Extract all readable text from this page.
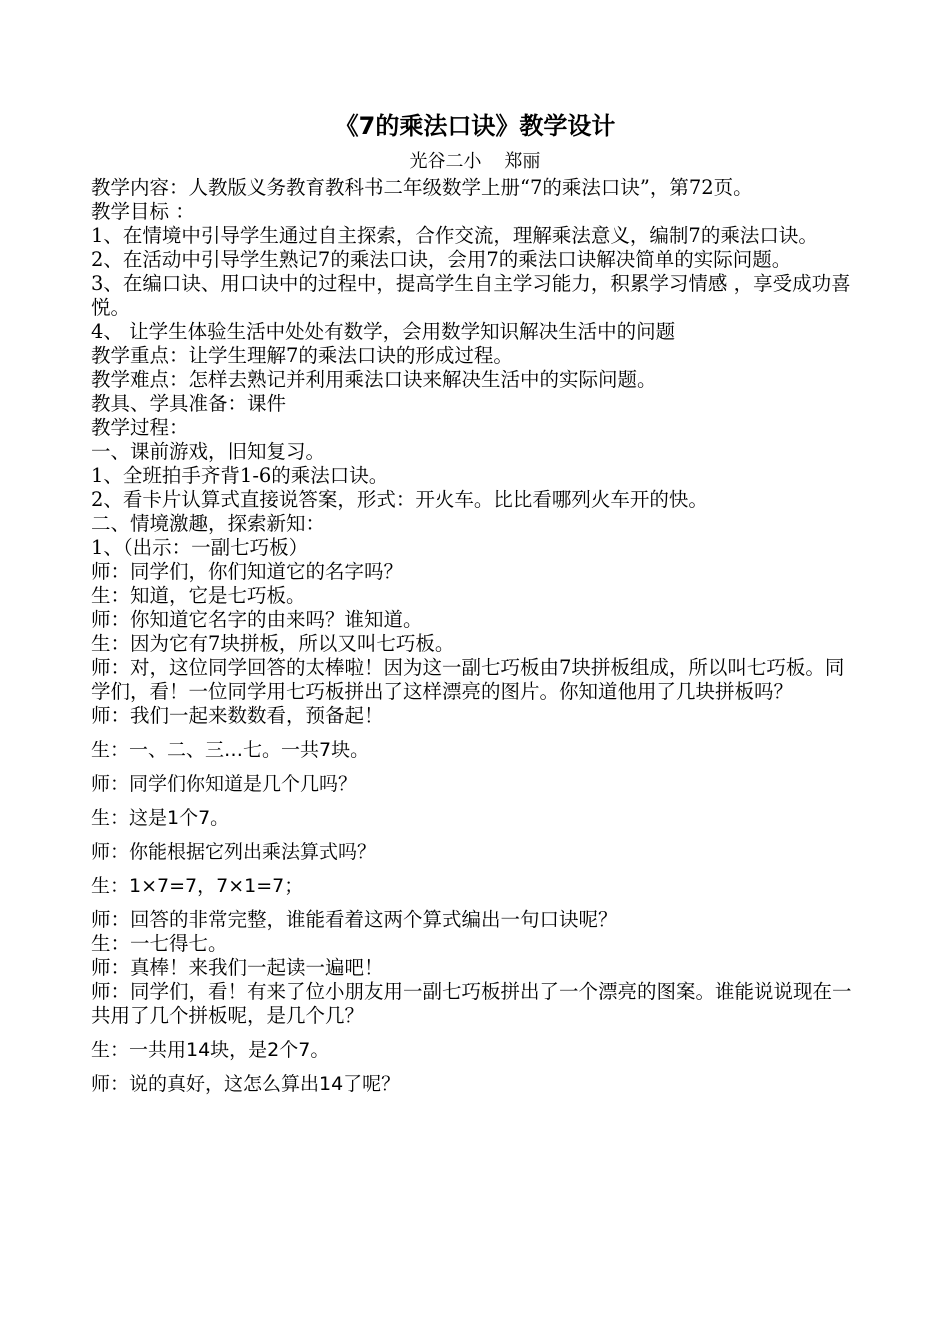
《7的乘法口诀》教学设计
光谷二小    郑丽

教学内容：人教版义务教育教科书二年级数学上册“7的乘法口诀”，第72页。

教学目标 ：

1、在情境中引导学生通过自主探索，合作交流，理解乘法意义，编制7的乘法口诀。

2、在活动中引导学生熟记7的乘法口诀，会用7的乘法口诀解决简单的实际问题。

3、在编口诀、用口诀中的过程中，提高学生自主学习能力，积累学习情感 ，享受成功喜悦。

4、 让学生体验生活中处处有数学，会用数学知识解决生活中的问题

教学重点：让学生理解7的乘法口诀的形成过程。

教学难点：怎样去熟记并利用乘法口诀来解决生活中的实际问题。

教具、学具准备：课件

教学过程：

一、课前游戏，旧知复习。

1、全班拍手齐背1-6的乘法口诀。

2、看卡片认算式直接说答案，形式：开火车。比比看哪列火车开的快。

二、情境激趣，探索新知：

1、（出示：一副七巧板）

师：同学们，你们知道它的名字吗？

生：知道，它是七巧板。

师：你知道它名字的由来吗？谁知道。

生：因为它有7块拼板，所以又叫七巧板。

师：对，这位同学回答的太棒啦！因为这一副七巧板由7块拼板组成，所以叫七巧板。同学们，看！一位同学用七巧板拼出了这样漂亮的图片。你知道他用了几块拼板吗？

师：我们一起来数数看，预备起！

生：一、二、三…七。一共7块。

师：同学们你知道是几个几吗？

生：这是1个7。

师：你能根据它列出乘法算式吗？

生：1×7=7，7×1=7；

师：回答的非常完整，谁能看着这两个算式编出一句口诀呢？

生：一七得七。

师：真棒！来我们一起读一遍吧！

师：同学们，看！有来了位小朋友用一副七巧板拼出了一个漂亮的图案。谁能说说现在一共用了几个拼板呢，是几个几？

生：一共用14块，是2个7。

师：说的真好，这怎么算出14了呢？
